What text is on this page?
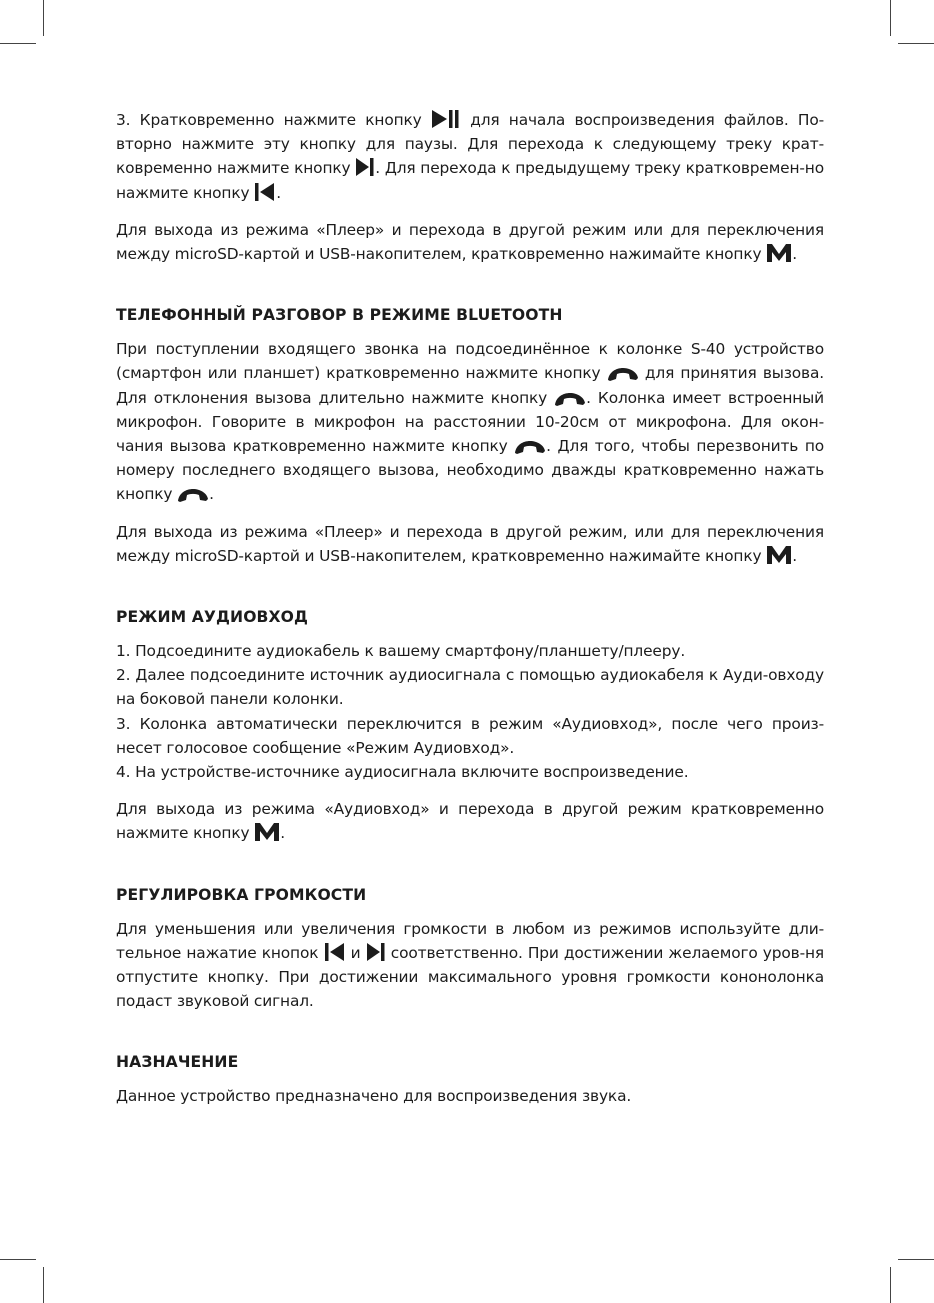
3. Кратковременно нажмите кнопку  для начала воспроизведения файлов. По-вторно нажмите эту кнопку для паузы. Для перехода к следующему треку крат-ковременно нажмите кнопку . Для перехода к предыдущему треку кратковремен-но нажмите кнопку .

Для выхода из режима «Плеер» и перехода в другой режим или для переключения между microSD-картой и USB-накопителем, кратковременно нажимайте кнопку .

ТЕЛЕФОННЫЙ РАЗГОВОР В РЕЖИМЕ BLUETOOTH

При поступлении входящего звонка на подсоединённое к колонке S-40 устройство (смартфон или планшет) кратковременно нажмите кнопку  для принятия вызова. Для отклонения вызова длительно нажмите кнопку . Колонка имеет встроенный микрофон. Говорите в микрофон на расстоянии 10-20см от микрофона. Для окон-чания вызова кратковременно нажмите кнопку . Для того, чтобы перезвонить по номеру последнего входящего вызова, необходимо дважды кратковременно нажать кнопку .

Для выхода из режима «Плеер» и перехода в другой режим, или для переключения между microSD-картой и USB-накопителем, кратковременно нажимайте кнопку .

РЕЖИМ АУДИОВХОД

1. Подсоедините аудиокабель к вашему смартфону/планшету/плееру.

2. Далее подсоедините источник аудиосигнала с помощью аудиокабеля к Ауди-овходу на боковой панели колонки.

3. Колонка автоматически переключится в режим «Аудиовход», после чего произ-несет голосовое сообщение «Режим Аудиовход».

4. На устройстве-источнике аудиосигнала включите воспроизведение.

Для выхода из режима «Аудиовход» и перехода в другой режим кратковременно нажмите кнопку .

РЕГУЛИРОВКА ГРОМКОСТИ

Для уменьшения или увеличения громкости в любом из режимов используйте дли-тельное нажатие кнопок  и  соответственно. При достижении желаемого уров-ня отпустите кнопку. При достижении максимального уровня громкости кононолонка подаст звуковой сигнал.

НАЗНАЧЕНИЕ

Данное устройство предназначено для воспроизведения звука.
